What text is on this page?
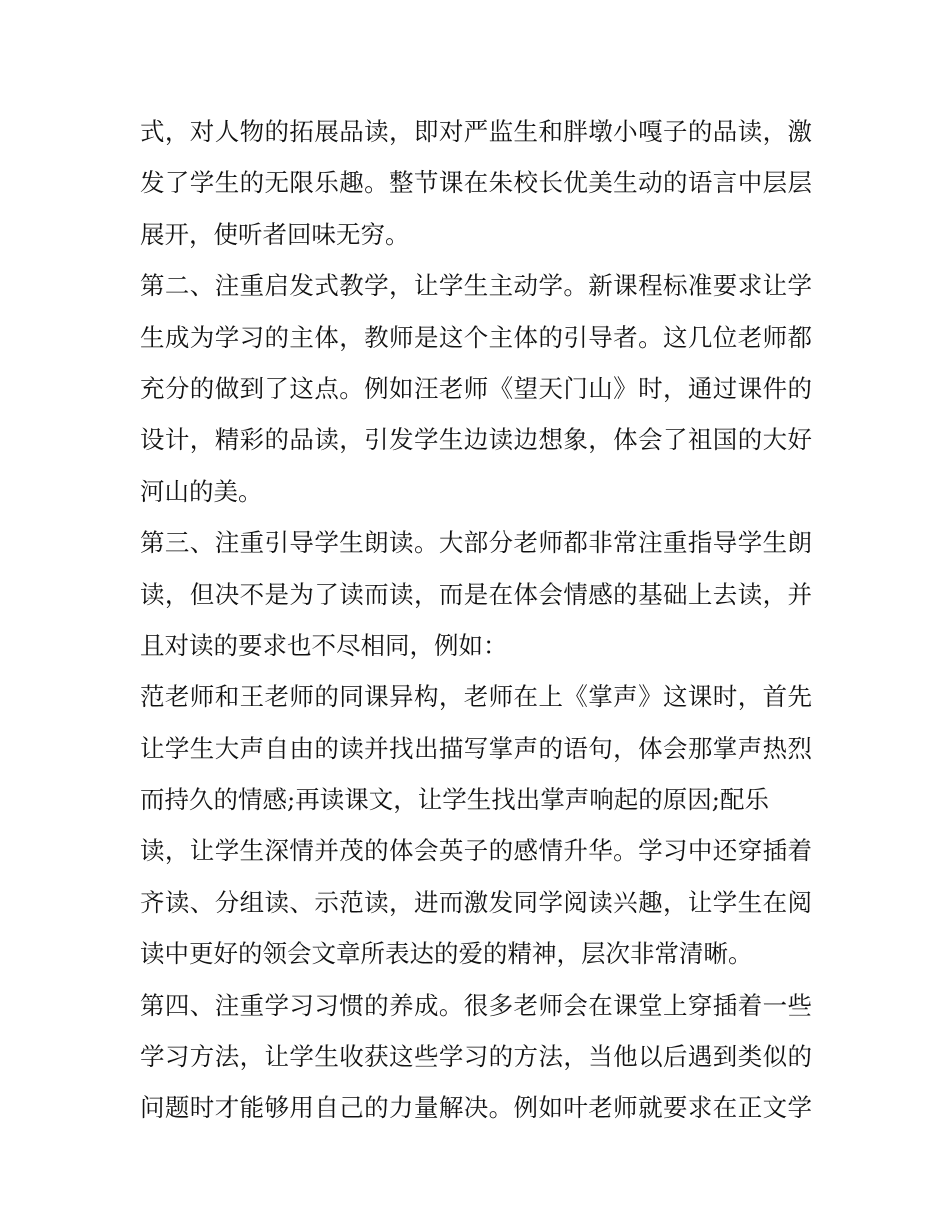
式，对人物的拓展品读，即对严监生和胖墩小嘎子的品读，激
发了学生的无限乐趣。整节课在朱校长优美生动的语言中层层
展开，使听者回味无穷。
第二、注重启发式教学，让学生主动学。新课程标准要求让学
生成为学习的主体，教师是这个主体的引导者。这几位老师都
充分的做到了这点。例如汪老师《望天门山》时，通过课件的
设计，精彩的品读，引发学生边读边想象，体会了祖国的大好
河山的美。
第三、注重引导学生朗读。大部分老师都非常注重指导学生朗
读，但决不是为了读而读，而是在体会情感的基础上去读，并
且对读的要求也不尽相同，例如：
范老师和王老师的同课异构，老师在上《掌声》这课时，首先
让学生大声自由的读并找出描写掌声的语句，体会那掌声热烈
而持久的情感;再读课文，让学生找出掌声响起的原因;配乐
读，让学生深情并茂的体会英子的感情升华。学习中还穿插着
齐读、分组读、示范读，进而激发同学阅读兴趣，让学生在阅
读中更好的领会文章所表达的爱的精神，层次非常清晰。
第四、注重学习习惯的养成。很多老师会在课堂上穿插着一些
学习方法，让学生收获这些学习的方法，当他以后遇到类似的
问题时才能够用自己的力量解决。例如叶老师就要求在正文学
